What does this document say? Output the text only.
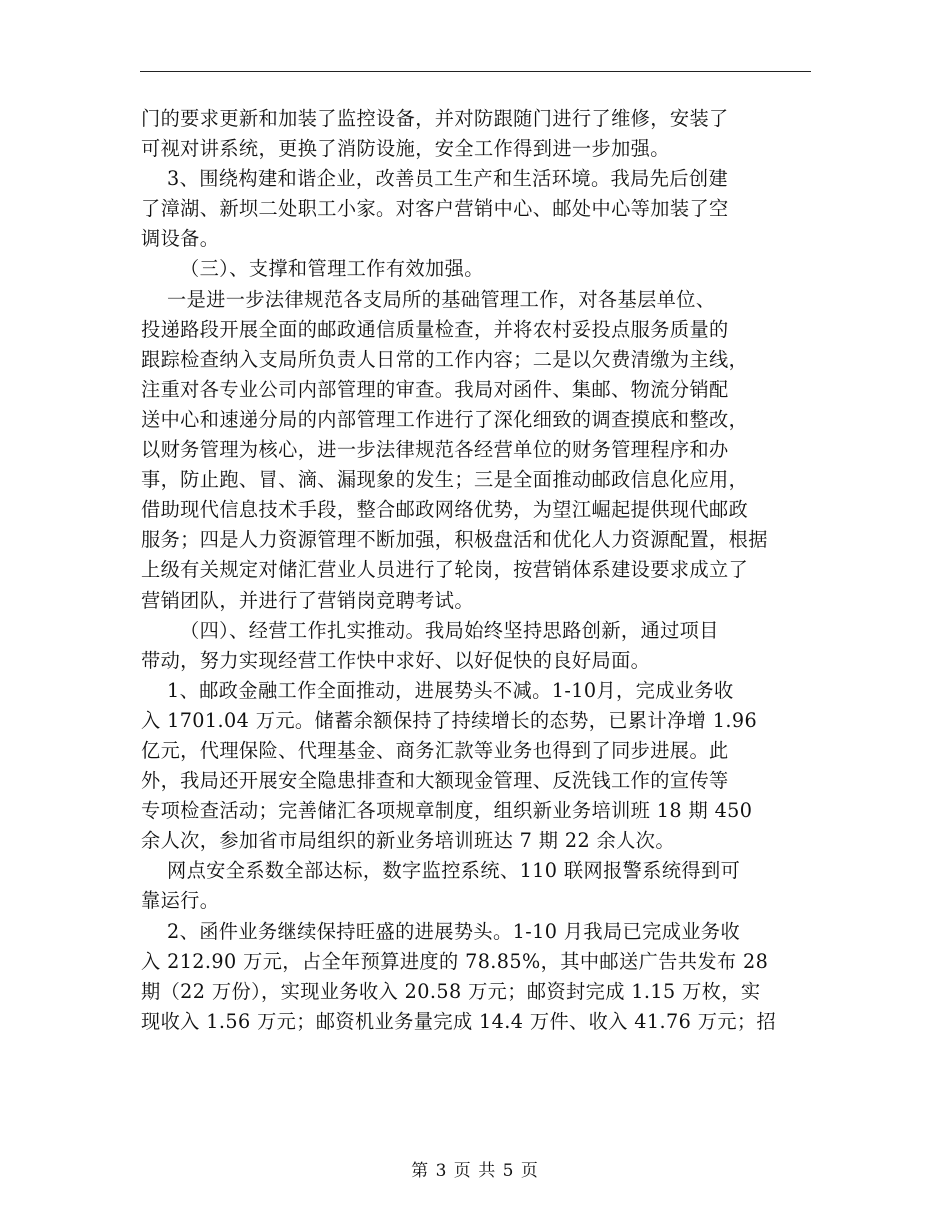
门的要求更新和加装了监控设备，并对防跟随门进行了维修，安装了
可视对讲系统，更换了消防设施，安全工作得到进一步加强。
3、围绕构建和谐企业，改善员工生产和生活环境。我局先后创建
了漳湖、新坝二处职工小家。对客户营销中心、邮处中心等加装了空
调设备。
（三）、支撑和管理工作有效加强。
一是进一步法律规范各支局所的基础管理工作，对各基层单位、
投递路段开展全面的邮政通信质量检查，并将农村妥投点服务质量的
跟踪检查纳入支局所负责人日常的工作内容；二是以欠费清缴为主线，
注重对各专业公司内部管理的审查。我局对函件、集邮、物流分销配
送中心和速递分局的内部管理工作进行了深化细致的调查摸底和整改，
以财务管理为核心，进一步法律规范各经营单位的财务管理程序和办
事，防止跑、冒、滴、漏现象的发生；三是全面推动邮政信息化应用，
借助现代信息技术手段，整合邮政网络优势，为望江崛起提供现代邮政
服务；四是人力资源管理不断加强，积极盘活和优化人力资源配置，根据
上级有关规定对储汇营业人员进行了轮岗，按营销体系建设要求成立了
营销团队，并进行了营销岗竞聘考试。
（四）、经营工作扎实推动。我局始终坚持思路创新，通过项目
带动，努力实现经营工作快中求好、以好促快的良好局面。
1、邮政金融工作全面推动，进展势头不减。1-10月，完成业务收
入 1701.04 万元。储蓄余额保持了持续增长的态势，已累计净增 1.96
亿元，代理保险、代理基金、商务汇款等业务也得到了同步进展。此
外，我局还开展安全隐患排查和大额现金管理、反洗钱工作的宣传等
专项检查活动；完善储汇各项规章制度，组织新业务培训班 18 期 450
余人次，参加省市局组织的新业务培训班达 7 期 22 余人次。
网点安全系数全部达标，数字监控系统、110 联网报警系统得到可
靠运行。
2、函件业务继续保持旺盛的进展势头。1-10 月我局已完成业务收
入 212.90 万元，占全年预算进度的 78.85%，其中邮送广告共发布 28
期（22 万份），实现业务收入 20.58 万元；邮资封完成 1.15 万枚，实
现收入 1.56 万元；邮资机业务量完成 14.4 万件、收入 41.76 万元；招
第 3 页 共 5 页
